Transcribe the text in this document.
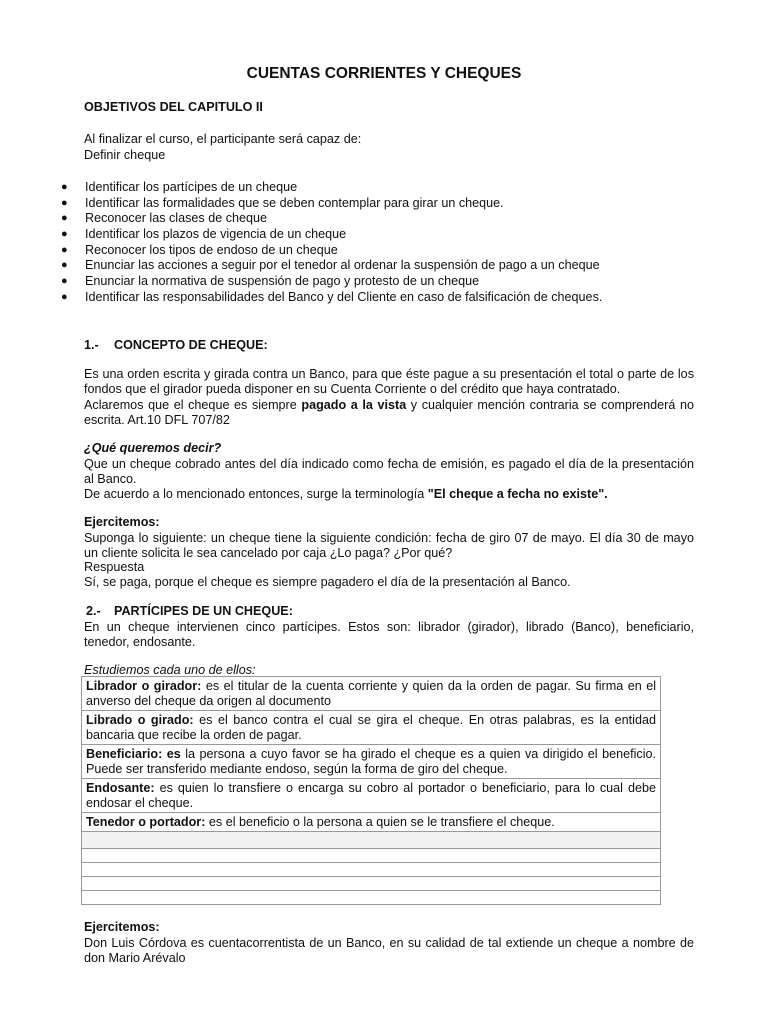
CUENTAS CORRIENTES Y CHEQUES
OBJETIVOS DEL CAPITULO II
Al finalizar el curso, el participante será capaz de:
Definir cheque
● Identificar los partícipes de un cheque
● Identificar las formalidades que se deben contemplar para girar un cheque.
● Reconocer las clases de cheque
● Identificar los plazos de vigencia de un cheque
● Reconocer los tipos de endoso de un cheque
● Enunciar las acciones a seguir por el tenedor al ordenar la suspensión de pago a un cheque
● Enunciar la normativa de suspensión de pago y protesto de un cheque
● Identificar las responsabilidades del Banco y del Cliente en caso de falsificación de cheques.
1.- CONCEPTO DE CHEQUE:
Es una orden escrita y girada contra un Banco, para que éste pague a su presentación el total o parte de los fondos que el girador pueda disponer en su Cuenta Corriente o del crédito que haya contratado.
Aclaremos que el cheque es siempre pagado a la vista y cualquier mención contraria se comprenderá no escrita. Art.10 DFL 707/82
¿Qué queremos decir?
Que un cheque cobrado antes del día indicado como fecha de emisión, es pagado el día de la presentación al Banco.
De acuerdo a lo mencionado entonces, surge la terminología "El cheque a fecha no existe".
Ejercitemos:
Suponga lo siguiente: un cheque tiene la siguiente condición: fecha de giro 07 de mayo. El día 30 de mayo un cliente solicita le sea cancelado por caja ¿Lo paga? ¿Por qué?
Respuesta
Sí, se paga, porque el cheque es siempre pagadero el día de la presentación al Banco.
2.- PARTÍCIPES DE UN CHEQUE:
En un cheque intervienen cinco partícipes. Estos son: librador (girador), librado (Banco), beneficiario, tenedor, endosante.
Estudiemos cada uno de ellos:
Librador o girador: es el titular de la cuenta corriente y quien da la orden de pagar. Su firma en el anverso del cheque da origen al documento
Librado o girado: es el banco contra el cual se gira el cheque. En otras palabras, es la entidad bancaria que recibe la orden de pagar.
Beneficiario: es la persona a cuyo favor se ha girado el cheque es a quien va dirigido el beneficio. Puede ser transferido mediante endoso, según la forma de giro del cheque.
Endosante: es quien lo transfiere o encarga su cobro al portador o beneficiario, para lo cual debe endosar el cheque.
Tenedor o portador: es el beneficio o la persona a quien se le transfiere el cheque.

Ejercitemos:
Don Luis Córdova es cuentacorrentista de un Banco, en su calidad de tal extiende un cheque a nombre de don Mario Arévalo
